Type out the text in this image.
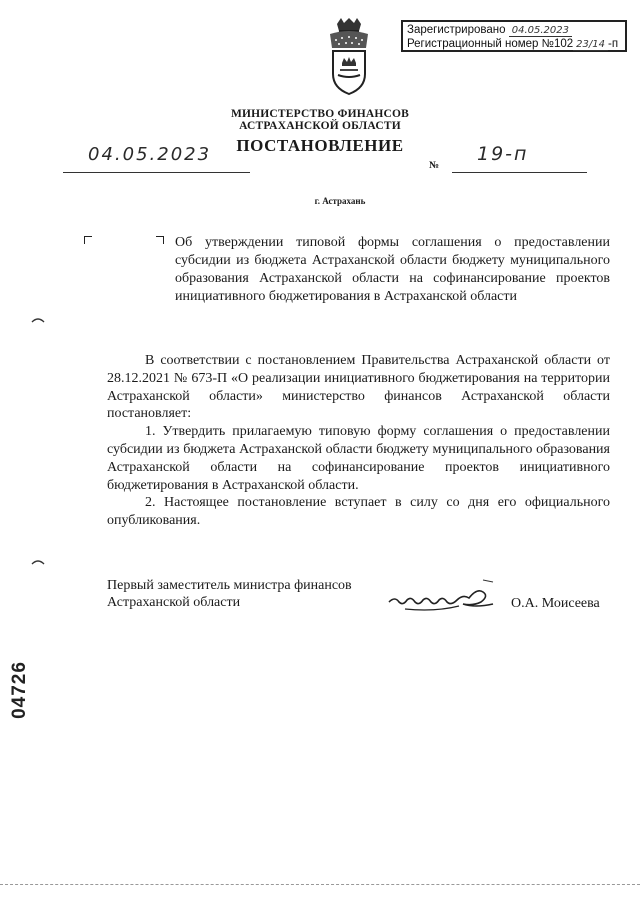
Зарегистрировано 04.05.2023
Регистрационный номер №102 23/14 -п
МИНИСТЕРСТВО ФИНАНСОВ
АСТРАХАНСКОЙ ОБЛАСТИ
ПОСТАНОВЛЕНИЕ
04.05.2023
№
19-п
г. Астрахань

Об утверждении типовой формы соглашения о предоставлении субсидии из бюджета Астраханской области бюджету муниципального образования Астраханской области на софинансирование проектов инициативного бюджетирования в Астраханской области

В соответствии с постановлением Правительства Астраханской области от 28.12.2021 № 673-П «О реализации инициативного бюджетирования на территории Астраханской области» министерство финансов Астраханской области постановляет:

1. Утвердить прилагаемую типовую форму соглашения о предоставлении субсидии из бюджета Астраханской области бюджету муниципального образования Астраханской области на софинансирование проектов инициативного бюджетирования в Астраханской области.

2. Настоящее постановление вступает в силу со дня его официального опубликования.

Первый заместитель министра финансов
Астраханской области	О.А. Моисеева
04726
